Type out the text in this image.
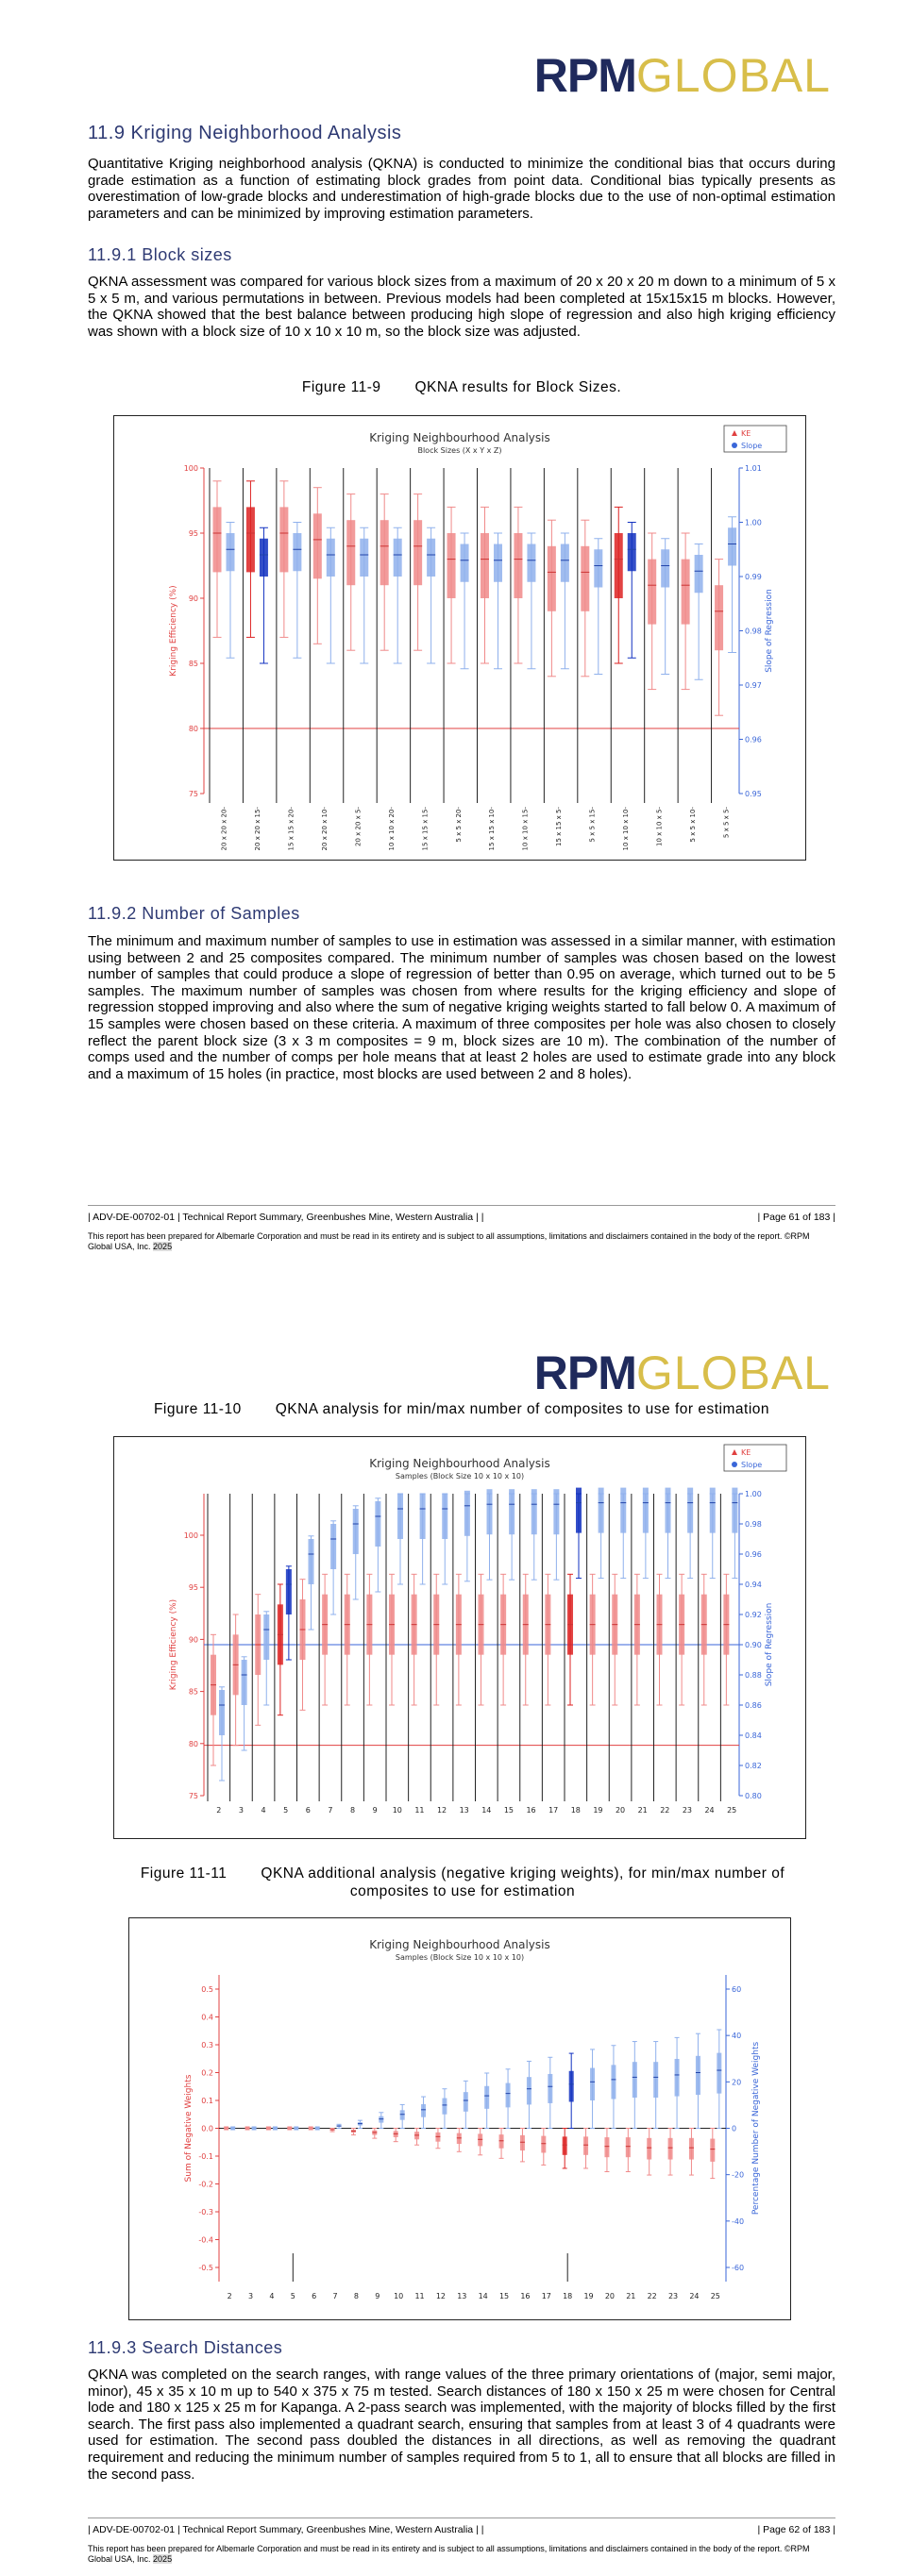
RPMGLOBAL
11.9 Kriging Neighborhood Analysis
Quantitative Kriging neighborhood analysis (QKNA) is conducted to minimize the conditional bias that occurs during grade estimation as a function of estimating block grades from point data. Conditional bias typically presents as overestimation of low-grade blocks and underestimation of high-grade blocks due to the use of non-optimal estimation parameters and can be minimized by improving estimation parameters.
11.9.1 Block sizes
QKNA assessment was compared for various block sizes from a maximum of 20 x 20 x 20 m down to a minimum of 5 x 5 x 5 m, and various permutations in between. Previous models had been completed at 15x15x15 m blocks. However, the QKNA showed that the best balance between producing high slope of regression and also high kriging efficiency was shown with a block size of 10 x 10 x 10 m, so the block size was adjusted.
Figure 11-9 QKNA results for Block Sizes.
Kriging Neighbourhood Analysis
Block Sizes (X x Y x Z)
KE
Slope
75
80
85
90
95
100
0.95
0.96
0.97
0.98
0.99
1.00
1.01
Kriging Efficiency (%)	Slope of Regression
20 x 20 x 20-	20 x 20 x 15-	15 x 15 x 20-	20 x 20 x 10-	20 x 20 x 5-	10 x 10 x 20-	15 x 15 x 15-	5 x 5 x 20-	15 x 15 x 10-	10 x 10 x 15-	15 x 15 x 5-	5 x 5 x 15-	10 x 10 x 10-	10 x 10 x 5-	5 x 5 x 10-	5 x 5 x 5-
11.9.2 Number of Samples
The minimum and maximum number of samples to use in estimation was assessed in a similar manner, with estimation using between 2 and 25 composites compared. The minimum number of samples was chosen based on the lowest number of samples that could produce a slope of regression of better than 0.95 on average, which turned out to be 5 samples. The maximum number of samples was chosen from where results for the kriging efficiency and slope of regression stopped improving and also where the sum of negative kriging weights started to fall below 0. A maximum of 15 samples were chosen based on these criteria. A maximum of three composites per hole was also chosen to closely reflect the parent block size (3 x 3 m composites = 9 m, block sizes are 10 m). The combination of the number of comps used and the number of comps per hole means that at least 2 holes are used to estimate grade into any block and a maximum of 15 holes (in practice, most blocks are used between 2 and 8 holes).
| ADV-DE-00702-01 | Technical Report Summary, Greenbushes Mine, Western Australia | |	| Page 61 of 183 |
This report has been prepared for Albemarle Corporation and must be read in its entirety and is subject to all assumptions, limitations and disclaimers contained in the body of the report. ©RPM Global USA, Inc. 2025
RPMGLOBAL
Figure 11-10 QKNA analysis for min/max number of composites to use for estimation
Kriging Neighbourhood Analysis
Samples (Block Size 10 x 10 x 10)
KE
Slope
75
80
85
90
95
100
0.80
0.82
0.84
0.86
0.88
0.90
0.92
0.94
0.96
0.98
1.00
Kriging Efficiency (%)	Slope of Regression
2 3 4 5 6 7 8 9 10 11 12 13 14 15 16 17 18 19 20 21 22 23 24 25
Figure 11-11 QKNA additional analysis (negative kriging weights), for min/max number of composites to use for estimation
Kriging Neighbourhood Analysis
Samples (Block Size 10 x 10 x 10)
-0.5
-0.4
-0.3
-0.2
-0.1
0.0
0.1
0.2
0.3
0.4
0.5
-60
-40
-20
0
20
40
60
Sum of Negative Weights	Percentage Number of Negative Weights
2 3 4 5 6 7 8 9 10 11 12 13 14 15 16 17 18 19 20 21 22 23 24 25
11.9.3 Search Distances
QKNA was completed on the search ranges, with range values of the three primary orientations of (major, semi major, minor), 45 x 35 x 10 m up to 540 x 375 x 75 m tested. Search distances of 180 x 150 x 25 m were chosen for Central lode and 180 x 125 x 25 m for Kapanga. A 2-pass search was implemented, with the majority of blocks filled by the first search. The first pass also implemented a quadrant search, ensuring that samples from at least 3 of 4 quadrants were used for estimation. The second pass doubled the distances in all directions, as well as removing the quadrant requirement and reducing the minimum number of samples required from 5 to 1, all to ensure that all blocks are filled in the second pass.
| ADV-DE-00702-01 | Technical Report Summary, Greenbushes Mine, Western Australia | |	| Page 62 of 183 |
This report has been prepared for Albemarle Corporation and must be read in its entirety and is subject to all assumptions, limitations and disclaimers contained in the body of the report. ©RPM Global USA, Inc. 2025
